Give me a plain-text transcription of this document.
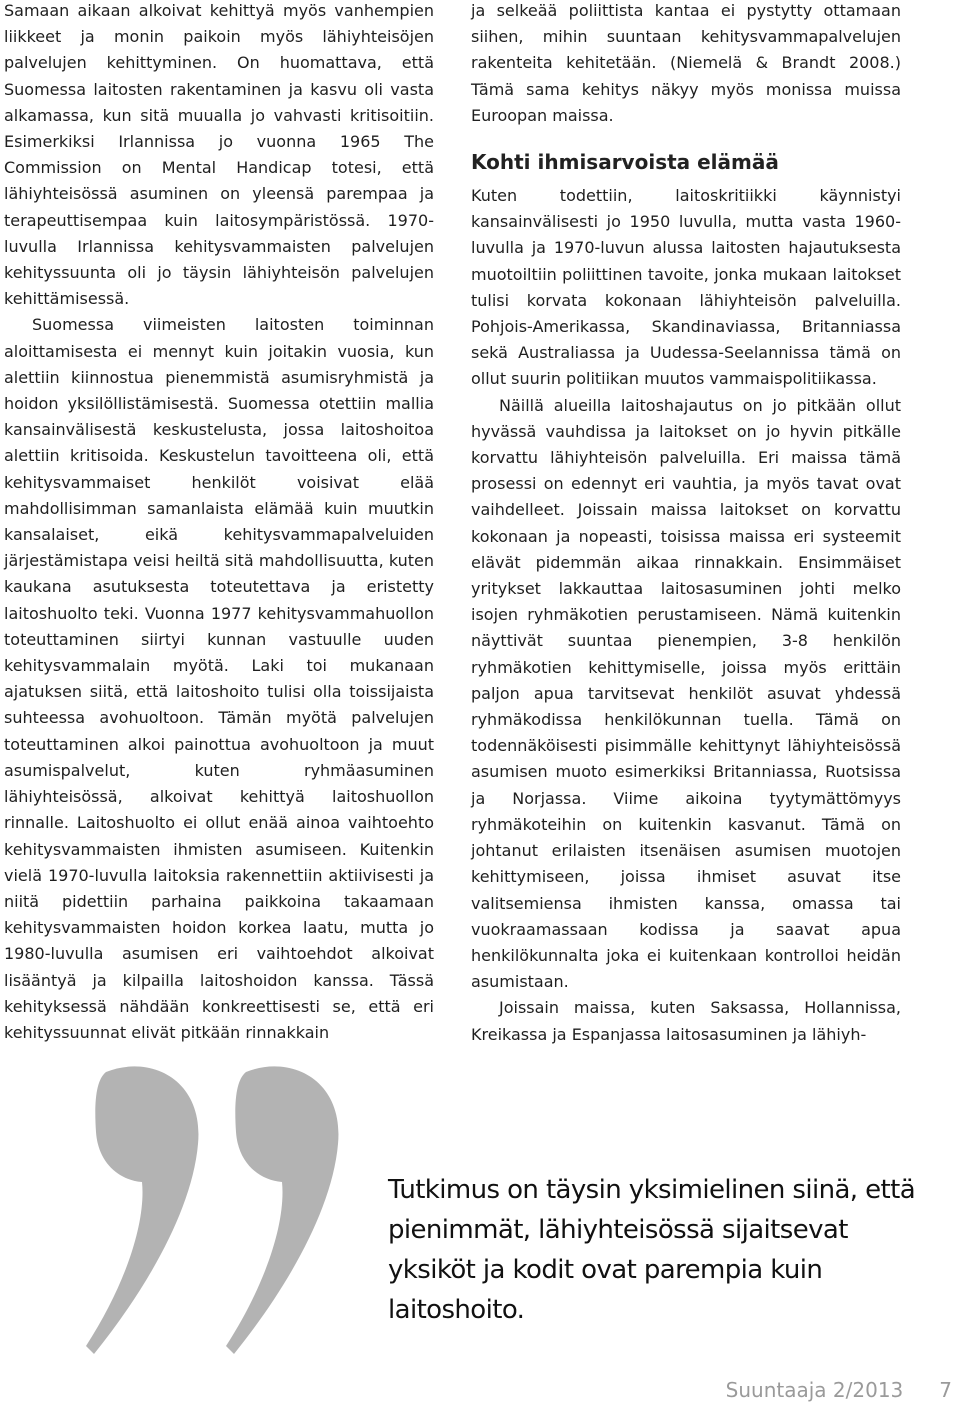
Samaan aikaan alkoivat kehittyä myös vanhempien liikkeet ja monin paikoin myös lähiyhteisöjen palvelujen kehittyminen. On huomattava, että Suomessa laitosten rakentaminen ja kasvu oli vasta alkamassa, kun sitä muualla jo vahvasti kritisoitiin. Esimerkiksi Irlannissa jo vuonna 1965 The Commission on Mental Handicap totesi, että lähiyhteisössä asuminen on yleensä parempaa ja terapeuttisempaa kuin laitosympäristössä. 1970-luvulla Irlannissa kehitysvammaisten palvelujen kehityssuunta oli jo täysin lähiyhteisön palvelujen kehittämisessä.

Suomessa viimeisten laitosten toiminnan aloittamisesta ei mennyt kuin joitakin vuosia, kun alettiin kiinnostua pienemmistä asumisryhmistä ja hoidon yksilöllistämisestä. Suomessa otettiin mallia kansainvälisestä keskustelusta, jossa laitoshoitoa alettiin kritisoida. Keskustelun tavoitteena oli, että kehitysvammaiset henkilöt voisivat elää mahdollisimman samanlaista elämää kuin muutkin kansalaiset, eikä kehitysvammapalveluiden järjestämistapa veisi heiltä sitä mahdollisuutta, kuten kaukana asutuksesta toteutettava ja eristetty laitoshuolto teki. Vuonna 1977 kehitysvammahuollon toteuttaminen siirtyi kunnan vastuulle uuden kehitysvammalain myötä. Laki toi mukanaan ajatuksen siitä, että laitoshoito tulisi olla toissijaista suhteessa avohuoltoon. Tämän myötä palvelujen toteuttaminen alkoi painottua avohuoltoon ja muut asumispalvelut, kuten ryhmäasuminen lähiyhteisössä, alkoivat kehittyä laitoshuollon rinnalle. Laitoshuolto ei ollut enää ainoa vaihtoehto kehitysvammaisten ihmisten asumiseen. Kuitenkin vielä 1970-luvulla laitoksia rakennettiin aktiivisesti ja niitä pidettiin parhaina paikkoina takaamaan kehitysvammaisten hoidon korkea laatu, mutta jo 1980-luvulla asumisen eri vaihtoehdot alkoivat lisääntyä ja kilpailla laitoshoidon kanssa. Tässä kehityksessä nähdään konkreettisesti se, että eri kehityssuunnat elivät pitkään rinnakkain

ja selkeää poliittista kantaa ei pystytty ottamaan siihen, mihin suuntaan kehitysvammapalvelujen rakenteita kehitetään. (Niemelä & Brandt 2008.) Tämä sama kehitys näkyy myös monissa muissa Euroopan maissa.

Kohti ihmisarvoista elämää

Kuten todettiin, laitoskritiikki käynnistyi kansainvälisesti jo 1950 luvulla, mutta vasta 1960-luvulla ja 1970-luvun alussa laitosten hajautuksesta muotoiltiin poliittinen tavoite, jonka mukaan laitokset tulisi korvata kokonaan lähiyhteisön palveluilla. Pohjois-Amerikassa, Skandinaviassa, Britanniassa sekä Australiassa ja Uudessa-Seelannissa tämä on ollut suurin politiikan muutos vammaispolitiikassa.

Näillä alueilla laitoshajautus on jo pitkään ollut hyvässä vauhdissa ja laitokset on jo hyvin pitkälle korvattu lähiyhteisön palveluilla. Eri maissa tämä prosessi on edennyt eri vauhtia, ja myös tavat ovat vaihdelleet. Joissain maissa laitokset on korvattu kokonaan ja nopeasti, toisissa maissa eri systeemit elävät pidemmän aikaa rinnakkain. Ensimmäiset yritykset lakkauttaa laitosasuminen johti melko isojen ryhmäkotien perustamiseen. Nämä kuitenkin näyttivät suuntaa pienempien, 3-8 henkilön ryhmäkotien kehittymiselle, joissa myös erittäin paljon apua tarvitsevat henkilöt asuvat yhdessä ryhmäkodissa henkilökunnan tuella. Tämä on todennäköisesti pisimmälle kehittynyt lähiyhteisössä asumisen muoto esimerkiksi Britanniassa, Ruotsissa ja Norjassa. Viime aikoina tyytymättömyys ryhmäkoteihin on kuitenkin kasvanut. Tämä on johtanut erilaisten itsenäisen asumisen muotojen kehittymiseen, joissa ihmiset asuvat itse valitsemiensa ihmisten kanssa, omassa tai vuokraamassaan kodissa ja saavat apua henkilökunnalta joka ei kuitenkaan kontrolloi heidän asumistaan.

Joissain maissa, kuten Saksassa, Hollannissa, Kreikassa ja Espanjassa laitosasuminen ja lähiyh-

Tutkimus on täysin yksimielinen siinä, että pienimmät, lähiyhteisössä sijaitsevat yksiköt ja kodit ovat parempia kuin laitoshoito.

Suuntaaja 2/2013 7
